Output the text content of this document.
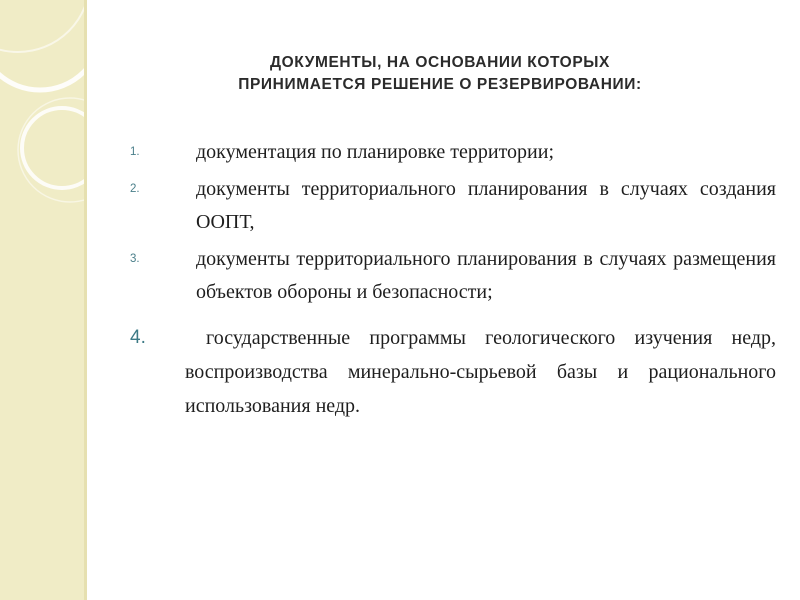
ДОКУМЕНТЫ, НА ОСНОВАНИИ КОТОРЫХ
ПРИНИМАЕТСЯ РЕШЕНИЕ О РЕЗЕРВИРОВАНИИ:
1.	документация по планировке территории;
2.	документы территориального планирования в случаях создания ООПТ,
3.	документы территориального планирования в случаях размещения объектов обороны и безопасности;
4.	государственные программы геологического изучения недр, воспроизводства минерально-сырьевой базы и рационального использования недр.
